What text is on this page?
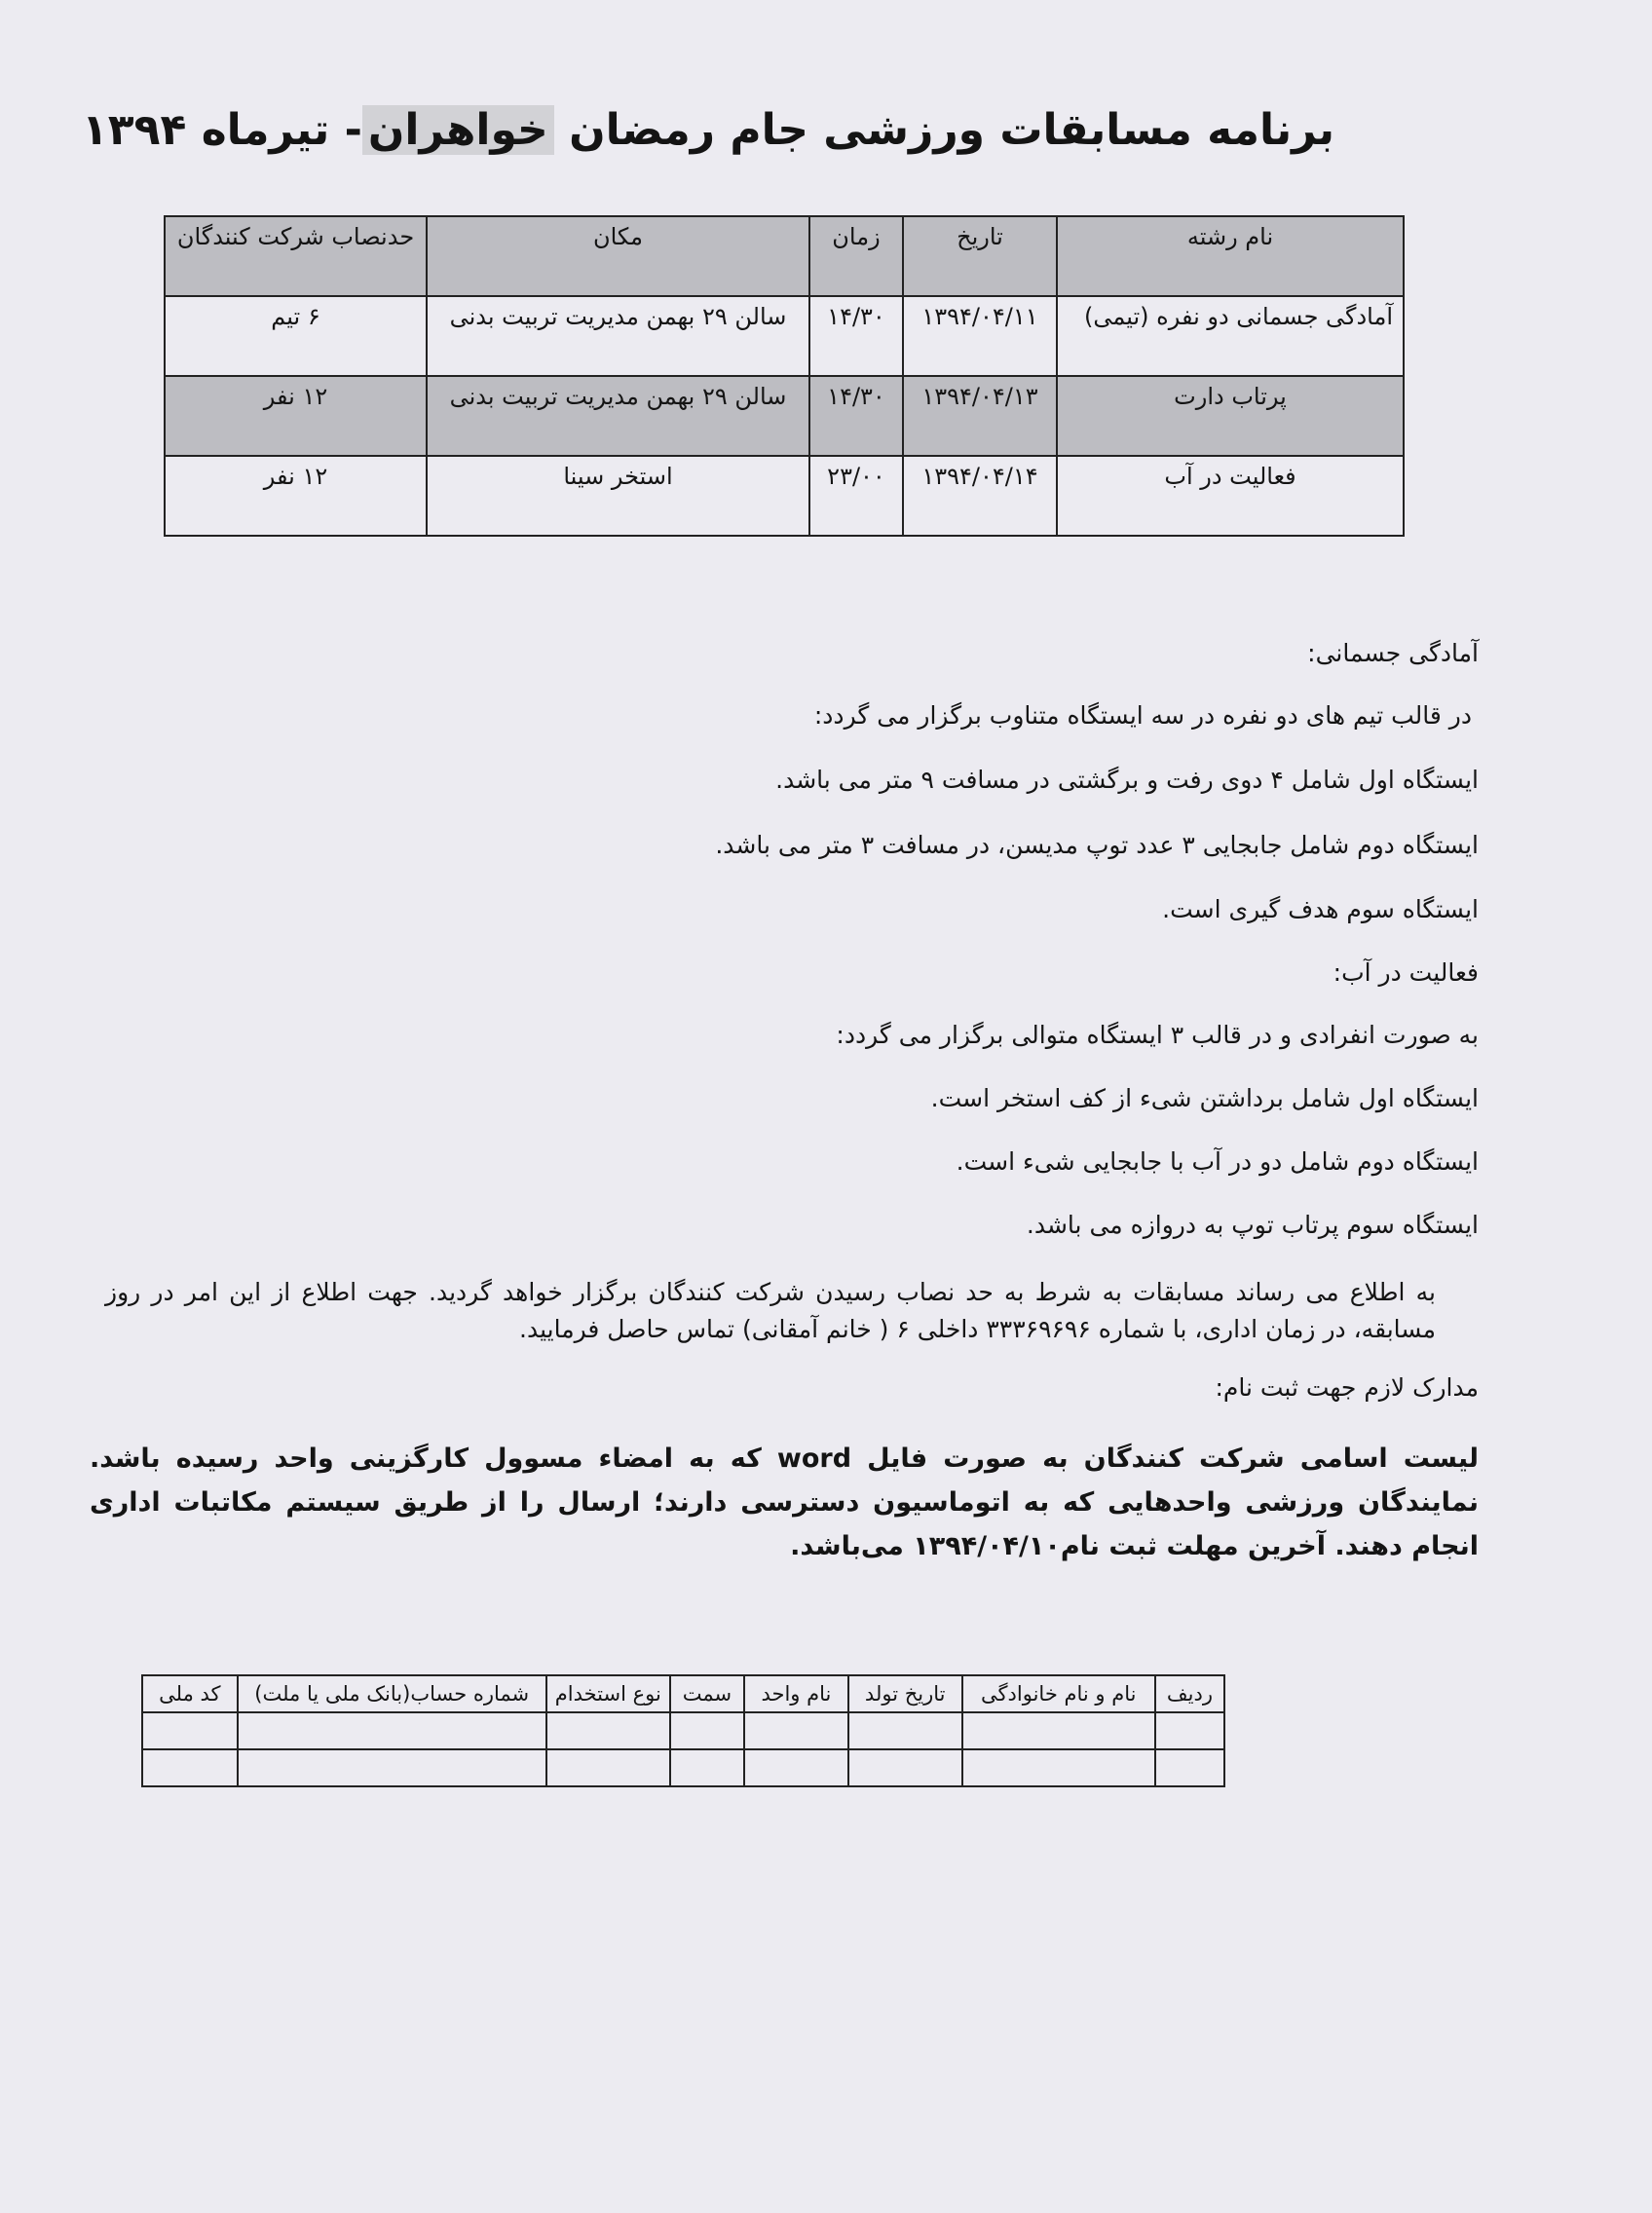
برنامه مسابقات ورزشی جام رمضان خواهران- تیرماه ۱۳۹۴
نام رشته	تاریخ	زمان	مکان	حدنصاب شرکت کنندگان
آمادگی جسمانی دو نفره (تیمی)	۱۳۹۴/۰۴/۱۱	۱۴/۳۰	سالن ۲۹ بهمن مدیریت تربیت بدنی	۶ تیم
پرتاب دارت	۱۳۹۴/۰۴/۱۳	۱۴/۳۰	سالن ۲۹ بهمن مدیریت تربیت بدنی	۱۲ نفر
فعالیت در آب	۱۳۹۴/۰۴/۱۴	۲۳/۰۰	استخر سینا	۱۲ نفر
آمادگی جسمانی:
در قالب تیم های دو نفره در سه ایستگاه متناوب برگزار می گردد:
ایستگاه اول شامل ۴ دوی رفت و برگشتی در مسافت ۹ متر می باشد.
ایستگاه دوم شامل جابجایی ۳ عدد توپ مدیسن، در مسافت ۳ متر می باشد.
ایستگاه سوم هدف گیری است.
فعالیت در آب:
به صورت انفرادی و در قالب ۳ ایستگاه متوالی برگزار می گردد:
ایستگاه اول شامل برداشتن شیء از کف استخر است.
ایستگاه دوم شامل دو در آب با جابجایی شیء است.
ایستگاه سوم پرتاب توپ به دروازه می باشد.
به اطلاع می رساند مسابقات به شرط به حد نصاب رسیدن شرکت کنندگان برگزار خواهد گردید. جهت اطلاع از این امر در روز مسابقه، در زمان اداری، با شماره ۳۳۳۶۹۶۹۶ داخلی ۶ ( خانم آمقانی) تماس حاصل فرمایید.
مدارک لازم جهت ثبت نام:
لیست اسامی شرکت کنندگان به صورت فایل word که به امضاء مسوول کارگزینی واحد رسیده باشد. نمایندگان ورزشی واحدهایی که به اتوماسیون دسترسی دارند؛ ارسال را از طریق سیستم مکاتبات اداری انجام دهند. آخرین مهلت ثبت نام۱۳۹۴/۰۴/۱۰ می‌باشد.
ردیف	نام و نام خانوادگی	تاریخ تولد	نام واحد	سمت	نوع استخدام	شماره حساب(بانک ملی یا ملت)	کد ملی
